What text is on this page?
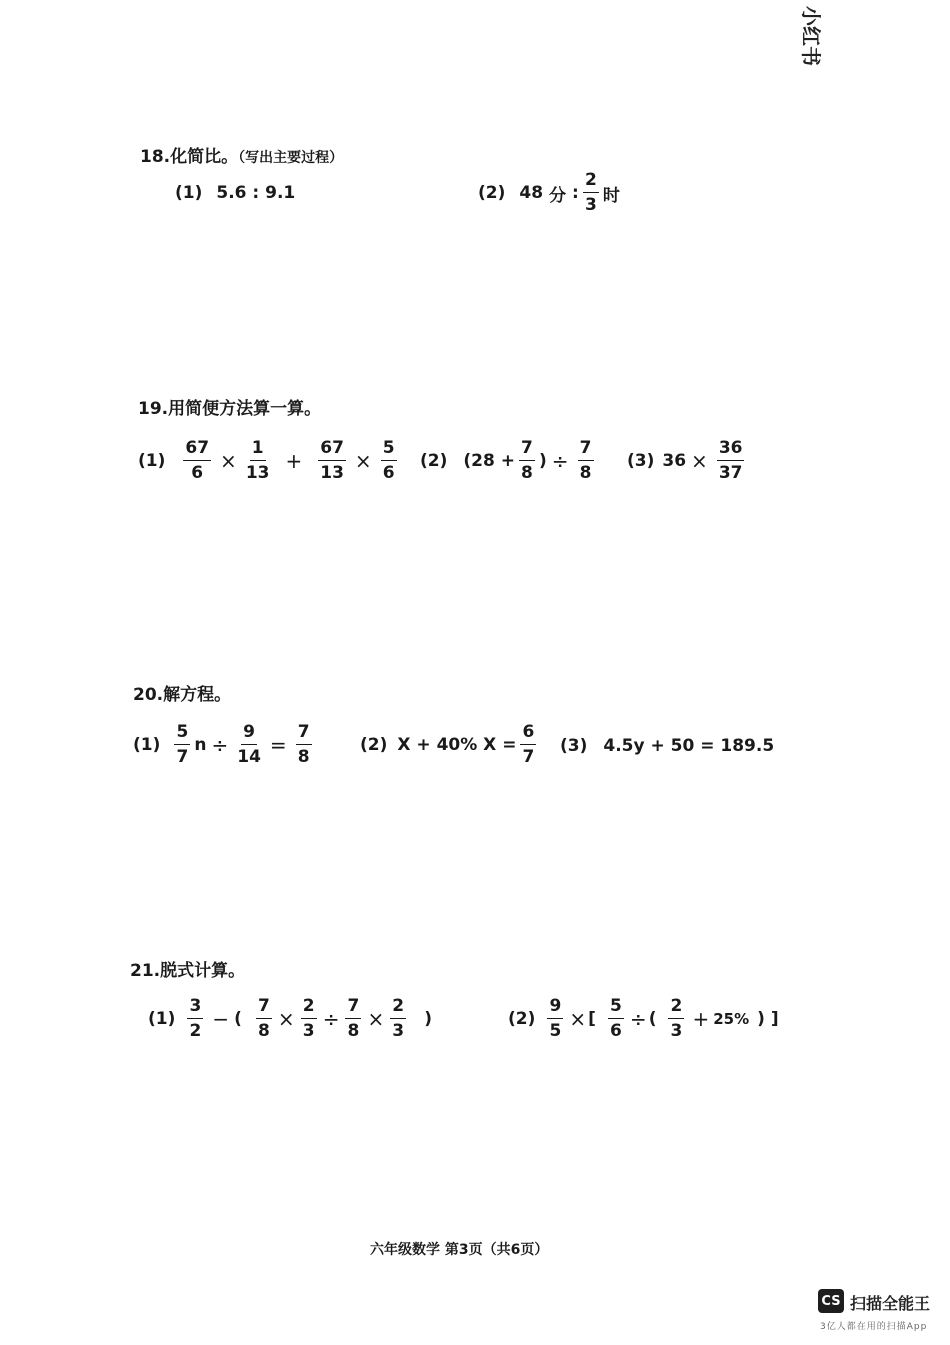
小红书
18.化简比。（写出主要过程）
(1) 5.6 : 9.1	(2) 48 分 : $\frac{2}{3}$ 时
19.用简便方法算一算。
$(1) \frac{67}{6} \times \frac{1}{13} + \frac{67}{13} \times \frac{5}{6} (2) (28 + \frac{7}{8}$ ) ÷ $\frac{7}{8} (3) 36 \times \frac{36}{37}$
20.解方程。
$(1) \frac{5}{7}$ $n \div \frac{9}{14} = \frac{7}{8}$	(2) X + 40% $X = \frac{6}{7} (3) 4.5y + 50 = 189.5$
21.脱式计算。
$(1) \frac{3}{2}$ − ( $\frac{7}{8} \times \frac{2}{3} \div \frac{7}{8} \times \frac{2}{3}$ )	$(2) \frac{9}{5}$ × [ $\frac{5}{6}$ ÷ ( $\frac{2}{3} + 25\%$ ) ]
六年级数学 第3页（共6页）
CS 扫描全能王
3亿人都在用的扫描App
